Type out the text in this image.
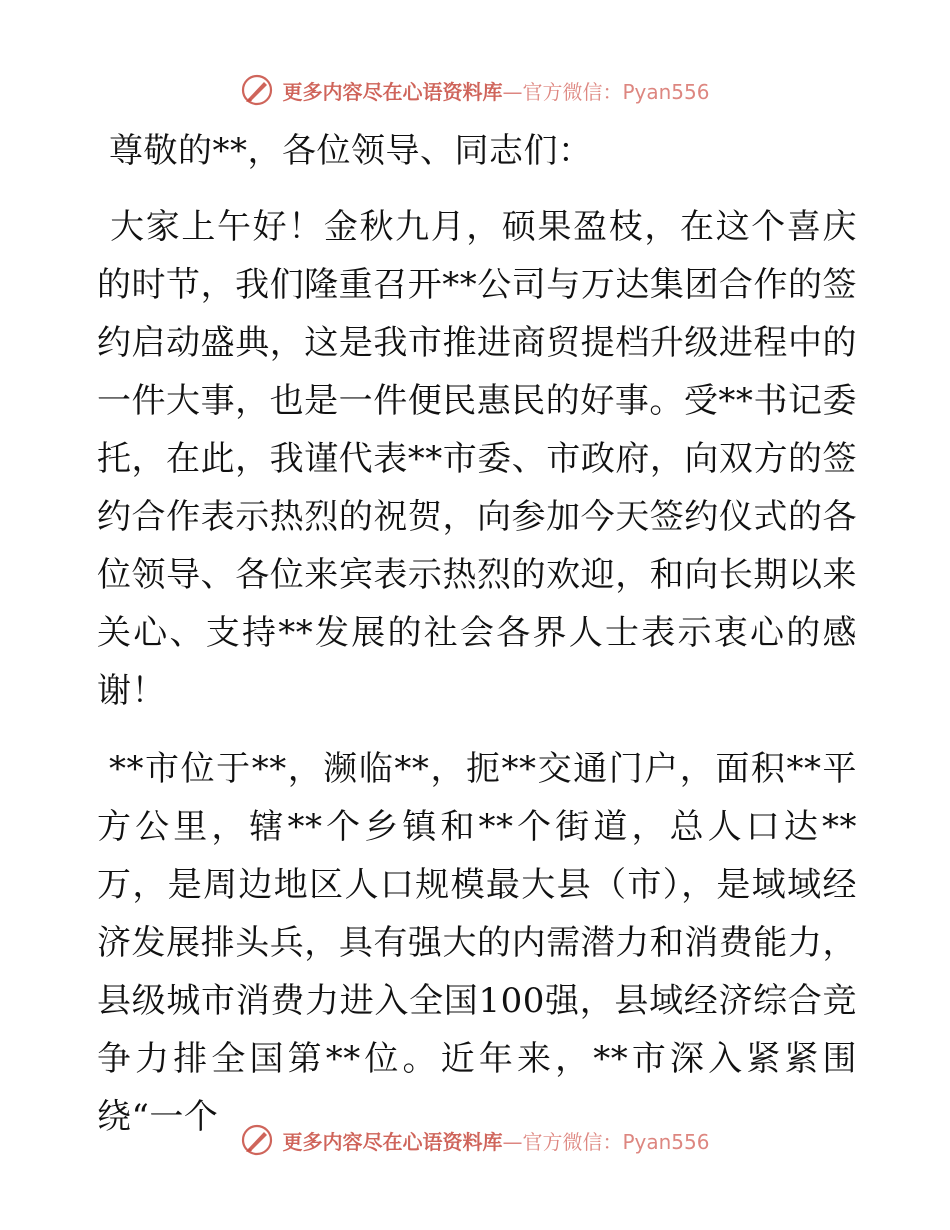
更多内容尽在心语资料库 —官方微信：Pyan556

尊敬的**，各位领导、同志们：

大家上午好！金秋九月，硕果盈枝，在这个喜庆的时节，我们隆重召开**公司与万达集团合作的签约启动盛典，这是我市推进商贸提档升级进程中的一件大事，也是一件便民惠民的好事。受**书记委托，在此，我谨代表**市委、市政府，向双方的签约合作表示热烈的祝贺，向参加今天签约仪式的各位领导、各位来宾表示热烈的欢迎，和向长期以来关心、支持**发展的社会各界人士表示衷心的感谢！

**市位于**，濒临**，扼**交通门户，面积**平方公里，辖**个乡镇和**个街道，总人口达**万，是周边地区人口规模最大县（市），是域域经济发展排头兵，具有强大的内需潜力和消费能力，县级城市消费力进入全国100强，县域经济综合竞争力排全国第**位。近年来，**市深入紧紧围绕“一个

更多内容尽在心语资料库 —官方微信：Pyan556
